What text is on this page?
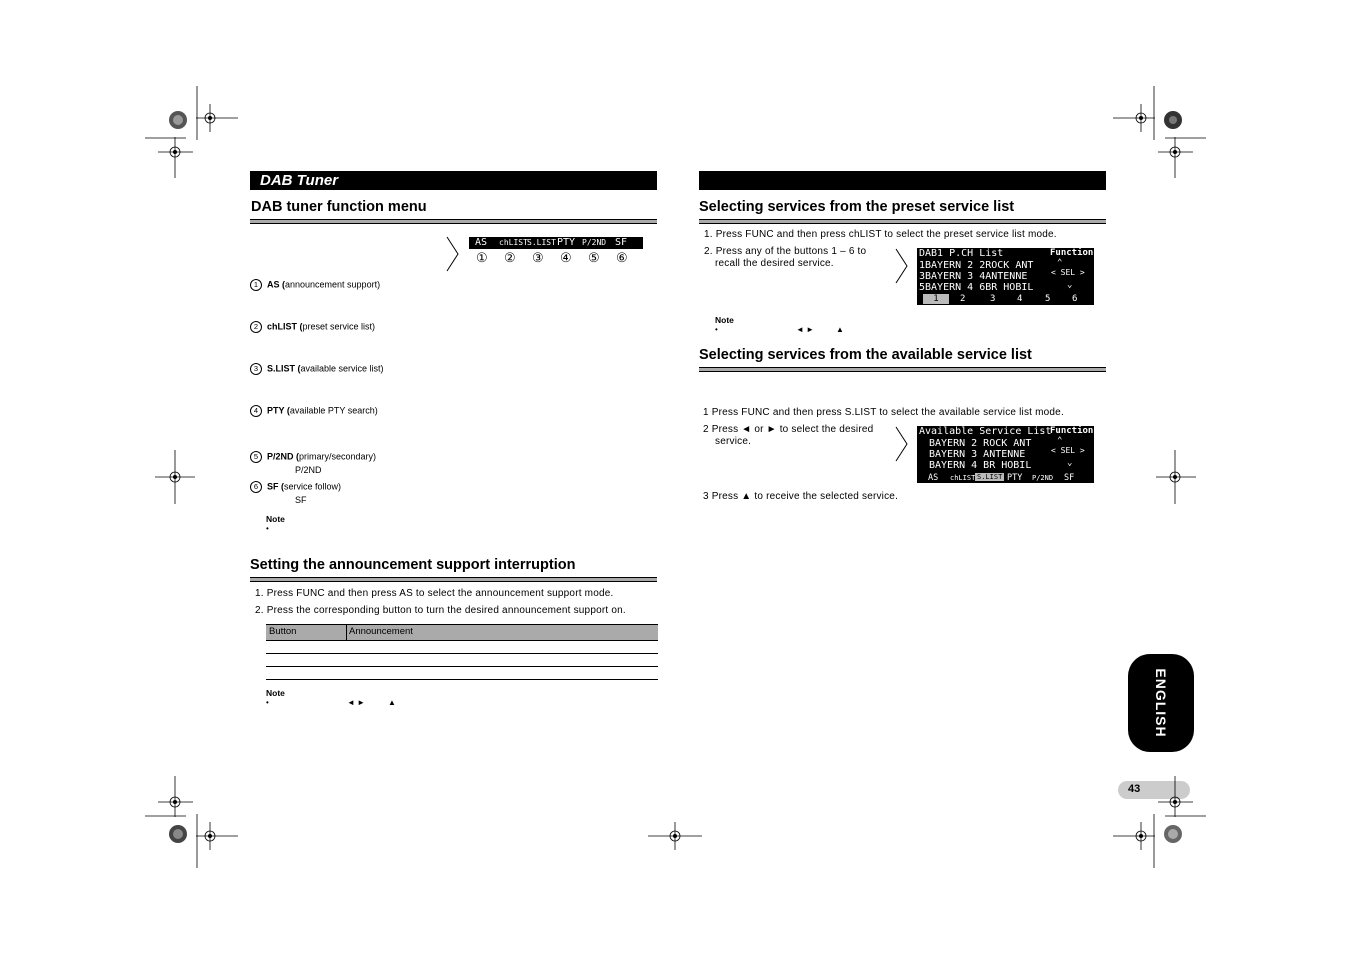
DAB Tuner
DAB tuner function menu
AS chLIST S.LIST PTY P/2ND SF
① ② ③ ④ ⑤ ⑥
1 AS (announcement support)
2 chLIST (preset service list)
3 S.LIST (available service list)
4 PTY (available PTY search)
5 P/2ND (primary/secondary)
P/2ND
6 SF (service follow)
SF
Note
•
Setting the announcement support interruption
1. Press FUNC and then press AS to select the announcement support mode.
2. Press the corresponding button to turn the desired announcement support on.
Button	Announcement
Note
•	◄ ►	▲
Selecting services from the preset service list
1. Press FUNC and then press chLIST to select the preset service list mode.
2. Press any of the buttons 1 – 6 to
recall the desired service.
DAB1 P.CH List	Function
1BAYERN 2 2ROCK ANT
3BAYERN 3 4ANTENNE
5BAYERN 4 6BR HOBIL
⌃
< SEL >
⌄
1	2	3 4	5 6
Note
•	◄ ►	▲
Selecting services from the available service list
1 Press FUNC and then press S.LIST to select the available service list mode.
2 Press ◄ or ► to select the desired
service.
3 Press ▲ to receive the selected service.
Available Service List
Function
BAYERN 2 ROCK ANT
BAYERN 3 ANTENNE
BAYERN 4 BR HOBIL
⌃
< SEL >
⌄
AS chLIST S.LIST PTY P/2ND SF
ENGLISH
43
